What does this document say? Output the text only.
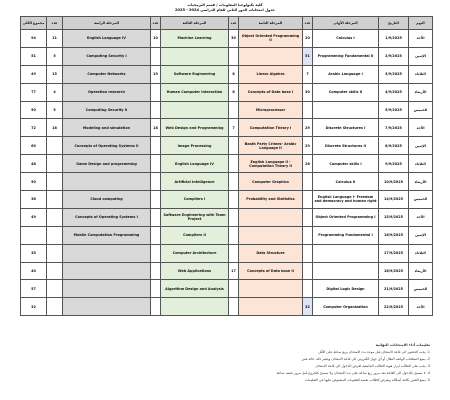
كلية تكنولوجيا المعلومات / قسم البرمجيات
جدول امتحانات الدور الثاني للعام الدراسي 2024 - 2025
اليوم	التاريخ	المرحلة الأولى	عدد	المرحلة الثانية	عدد	المرحلة الثالثة	عدد	المرحلة الرابعة	عدد	مجموع الكلي
الأحد	1/9/2025	Calculus I	20	Object Oriented Programming II	30	Machine Learning	10	English Language IV	11	94
الإثنين	2/9/2025	Programming Fundamental II	51					Computing Security I	5	51
الثلاثاء	3/9/2025	Arabic Language I	7	Linear Algebra	8	Software Engineering	19	Computer Networks	15	49
الأربعاء	4/9/2025	Computer skills II	30	Concepts of Data base I	8	Human Computer Interaction		Operation research	4	77
الخميس	5/9/2025			Microprocessor				Computing Security II	5	50
الأحد	7/9/2025	Discrete Structures I	29	Computation Theory I	7	Web Design and Programming	18	Modeling and simulation	18	72
الإثنين	8/9/2025	Discrete Structures II	29	Baath Party Crimes- Arabic Language II		Image Processing		Concepts of Operating Systems II		60
الثلاثاء	9/9/2025	Computer skills I	28	English Language II -Computation Theory II		English Language IV		Game Design and programming		48
الأربعاء	10/9/2025	Calculus II		Computer Graphics		Artificial Intelligence				50
الخميس	14/9/2025	English Language I- Freedom and democracy and human right		Probability and Statistics		Compilers I		Cloud computing		38
الأحد	15/9/2025	Object Oriented Programming I				Software Engineering with Team Project		Concepts of Operating Systems I		49
الإثنين	16/9/2025	Programming Fundamental I				Compilers II		Mobile Computation Programming		
الثلاثاء	17/9/2025			Data Structure		Computer Architecture				35
الأربعاء	18/9/2025			Concepts of Data base II	17	Web Applications				40
الخميس	21/9/2025	Digital Logic Design				Algorithm Design and Analysis				57
الأحد	22/9/2025	Computer Organization	32							32
تعليمات أداء الامتحانات النهائية
1- يجب الحضور الى قاعة الامتحان قبل موعد بدء الامتحان بربع ساعة على الأقل
2- يمنع اصطحاب الهاتف النقال أو أي جهاز الكتروني الى قاعة الامتحان ويعتبر ذلك حالة غش
3- يجب على الطالب ابراز هوية الطالب الجامعية لغرض الدخول الى قاعة الامتحان
4- لا يسمح بالدخول الى القاعة بعد مرور ربع ساعة على بدء الامتحان ولا يسمح بالخروج قبل مرور نصف ساعة
5- يمنع الغش بكافة أشكاله ويعرض الطالب نفسه للعقوبات المنصوص عليها في التعليمات
